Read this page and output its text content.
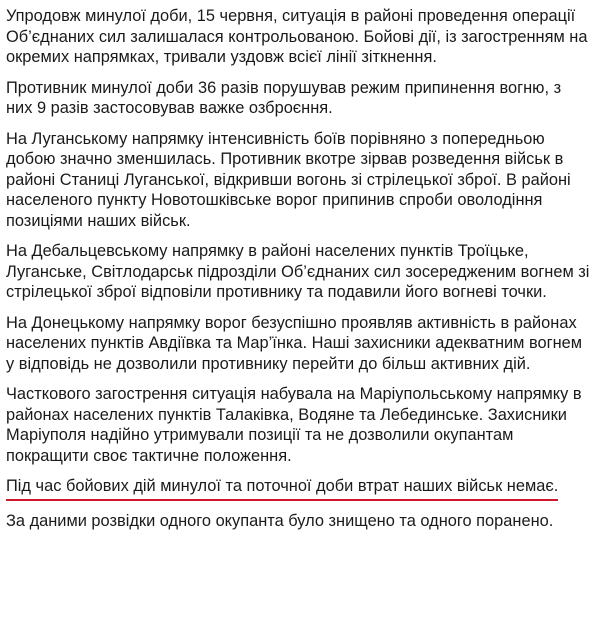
Упродовж минулої доби, 15 червня, ситуація в районі проведення операції Об’єднаних сил залишалася контрольованою. Бойові дії, із загостренням на окремих напрямках, тривали уздовж всієї лінії зіткнення.

Противник минулої доби 36 разів порушував режим припинення вогню, з них 9 разів застосовував важке озброєння.

На Луганському напрямку інтенсивність боїв порівняно з попередньою добою значно зменшилась. Противник вкотре зірвав розведення військ в районі Станиці Луганської, відкривши вогонь зі стрілецької зброї. В районі населеного пункту Новотошківське ворог припинив спроби оволодіння позиціями наших військ.

На Дебальцевському напрямку в районі населених пунктів Троїцьке, Луганське, Світлодарськ підрозділи Об’єднаних сил зосередженим вогнем зі стрілецької зброї відповіли противнику та подавили його вогневі точки.

На Донецькому напрямку ворог безуспішно проявляв активність в районах населених пунктів Авдіївка та Мар’їнка. Наші захисники адекватним вогнем у відповідь не дозволили противнику перейти до більш активних дій.

Часткового загострення ситуація набувала на Маріупольському напрямку в районах населених пунктів Талаківка, Водяне та Лебединське. Захисники Маріуполя надійно утримували позиції та не дозволили окупантам покращити своє тактичне положення.

Під час бойових дій минулої та поточної доби втрат наших військ немає.

За даними розвідки одного окупанта було знищено та одного поранено.
